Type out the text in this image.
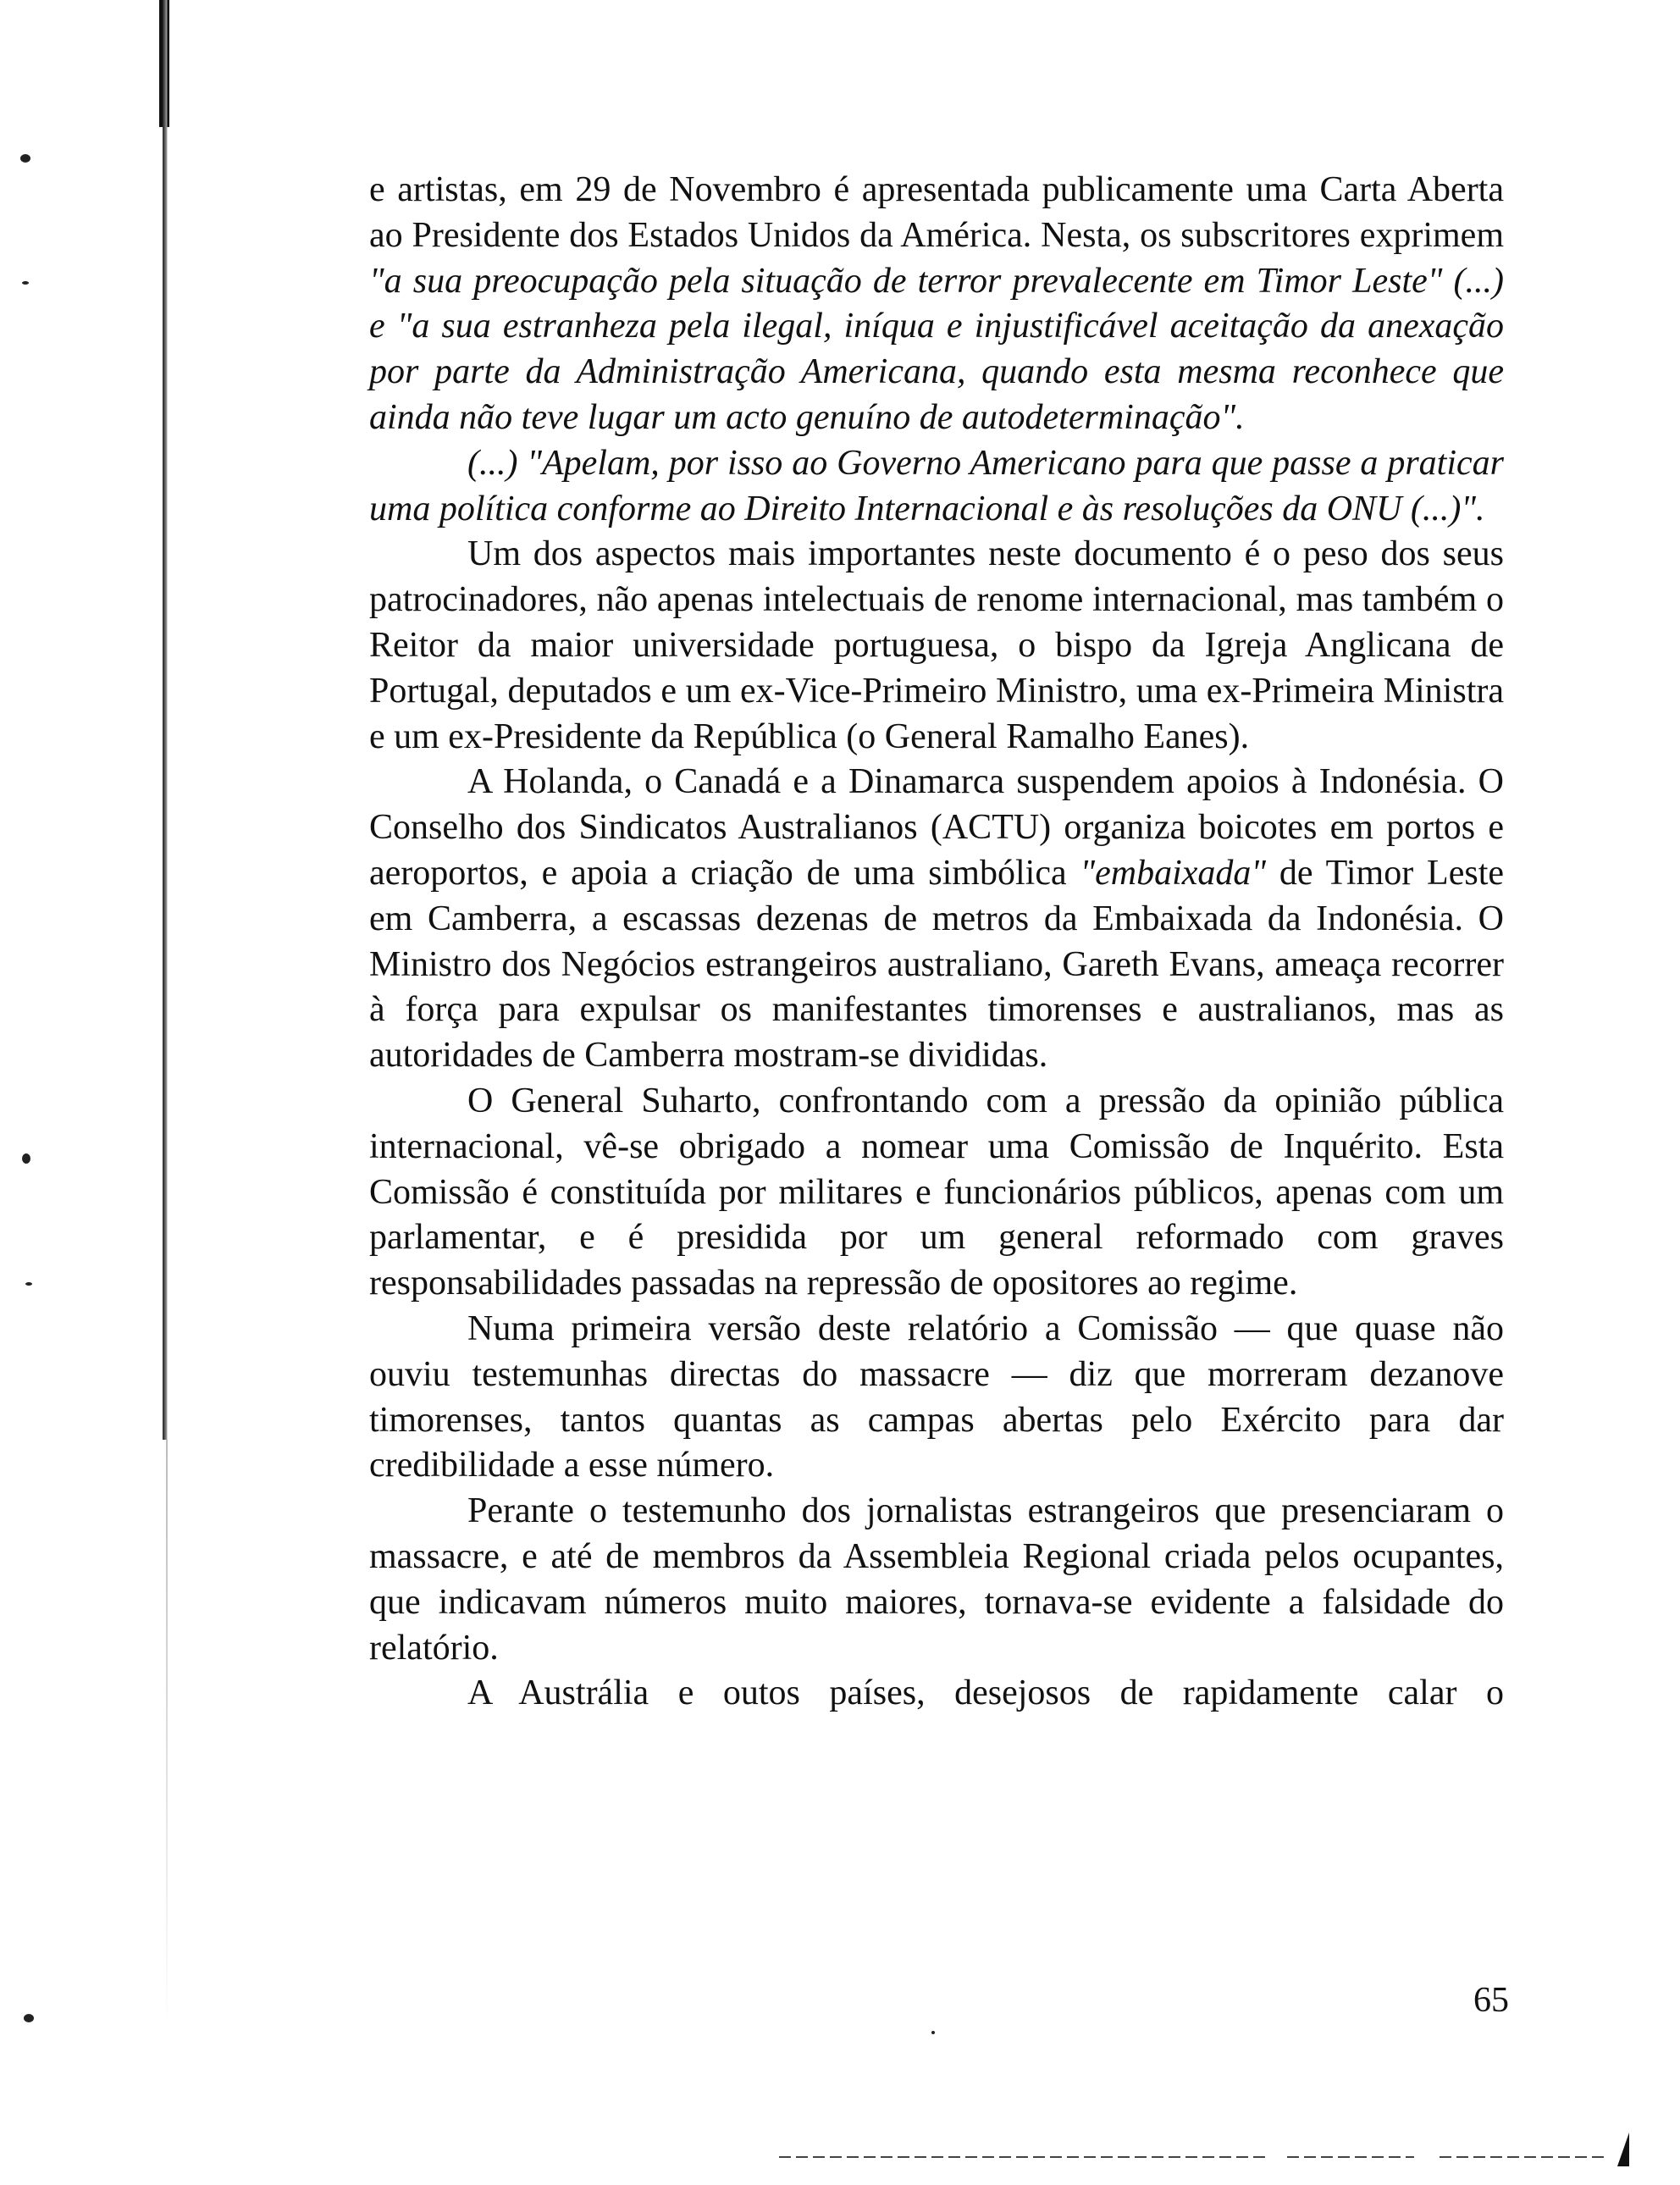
e artistas, em 29 de Novembro é apresentada publicamente uma Carta Aberta ao Presidente dos Estados Unidos da América. Nesta, os subscritores exprimem "a sua preocupação pela situação de terror prevalecente em Timor Leste" (...) e "a sua estranheza pela ilegal, iníqua e injustificável aceitação da anexação por parte da Administração Americana, quando esta mesma reconhece que ainda não teve lugar um acto genuíno de autodeterminação".

(...) "Apelam, por isso ao Governo Americano para que passe a praticar uma política conforme ao Direito Internacional e às resoluções da ONU (...)".

Um dos aspectos mais importantes neste documento é o peso dos seus patrocinadores, não apenas intelectuais de renome internacional, mas também o Reitor da maior universidade portuguesa, o bispo da Igreja Anglicana de Portugal, deputados e um ex-Vice-Primeiro Ministro, uma ex-Primeira Ministra e um ex-Presidente da República (o General Ramalho Eanes).

A Holanda, o Canadá e a Dinamarca suspendem apoios à Indonésia. O Conselho dos Sindicatos Australianos (ACTU) organiza boicotes em portos e aeroportos, e apoia a criação de uma simbólica "embaixada" de Timor Leste em Camberra, a escassas dezenas de metros da Embaixada da Indonésia. O Ministro dos Negócios estrangeiros australiano, Gareth Evans, ameaça recorrer à força para expulsar os manifestantes timorenses e australianos, mas as autoridades de Camberra mostram-se divididas.

O General Suharto, confrontando com a pressão da opinião pública internacional, vê-se obrigado a nomear uma Comissão de Inquérito. Esta Comissão é constituída por militares e funcionários públicos, apenas com um parlamentar, e é presidida por um general reformado com graves responsabilidades passadas na repressão de opositores ao regime.

Numa primeira versão deste relatório a Comissão — que quase não ouviu testemunhas directas do massacre — diz que morreram dezanove timorenses, tantos quantas as campas abertas pelo Exército para dar credibilidade a esse número.

Perante o testemunho dos jornalistas estrangeiros que presenciaram o massacre, e até de membros da Assembleia Regional criada pelos ocupantes, que indicavam números muito maiores, tornava-se evidente a falsidade do relatório.

A Austrália e outos países, desejosos de rapidamente calar o

65
